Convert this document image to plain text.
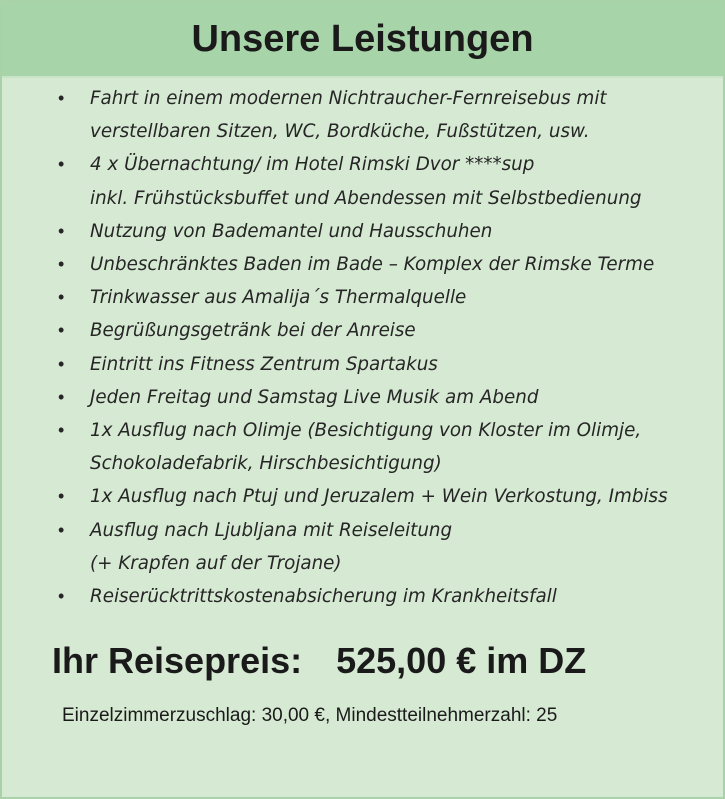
Unsere Leistungen
• Fahrt in einem modernen Nichtraucher-Fernreisebus mit
verstellbaren Sitzen, WC, Bordküche, Fußstützen, usw.
• 4 x Übernachtung/ im Hotel Rimski Dvor ****sup
inkl. Frühstücksbuffet und Abendessen mit Selbstbedienung
• Nutzung von Bademantel und Hausschuhen
• Unbeschränktes Baden im Bade – Komplex der Rimske Terme
• Trinkwasser aus Amalija´s Thermalquelle
• Begrüßungsgetränk bei der Anreise
• Eintritt ins Fitness Zentrum Spartakus
• Jeden Freitag und Samstag Live Musik am Abend
• 1x Ausflug nach Olimje (Besichtigung von Kloster im Olimje,
Schokoladefabrik, Hirschbesichtigung)
• 1x Ausflug nach Ptuj und Jeruzalem + Wein Verkostung, Imbiss
• Ausflug nach Ljubljana mit Reiseleitung
(+ Krapfen auf der Trojane)
• Reiserücktrittskostenabsicherung im Krankheitsfall

Ihr Reisepreis: 525,00 € im DZ

Einzelzimmerzuschlag: 30,00 €, Mindestteilnehmerzahl: 25
